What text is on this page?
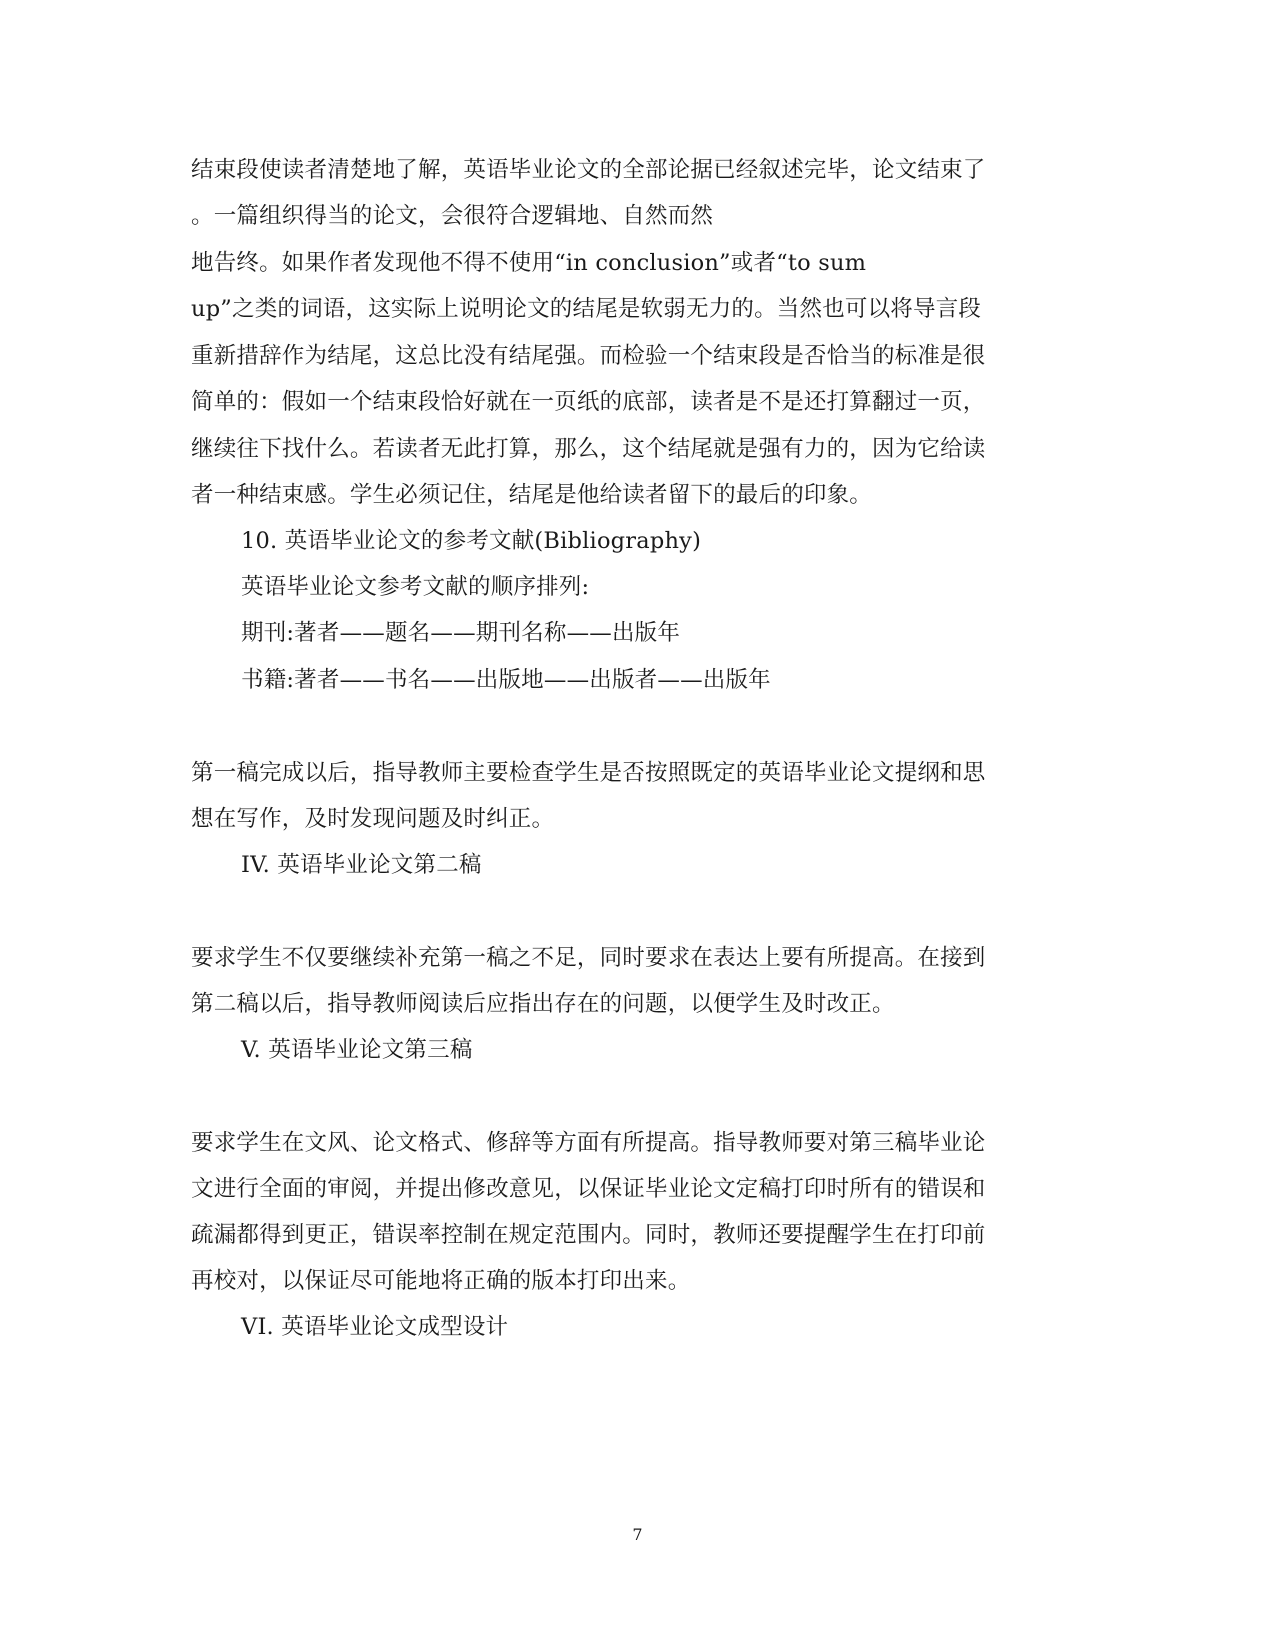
结束段使读者清楚地了解，英语毕业论文的全部论据已经叙述完毕，论文结束了
。一篇组织得当的论文，会很符合逻辑地、自然而然
地告终。如果作者发现他不得不使用“in conclusion”或者“to sum
up”之类的词语，这实际上说明论文的结尾是软弱无力的。当然也可以将导言段
重新措辞作为结尾，这总比没有结尾强。而检验一个结束段是否恰当的标准是很
简单的：假如一个结束段恰好就在一页纸的底部，读者是不是还打算翻过一页，
继续往下找什么。若读者无此打算，那么，这个结尾就是强有力的，因为它给读
者一种结束感。学生必须记住，结尾是他给读者留下的最后的印象。
10. 英语毕业论文的参考文献(Bibliography)
英语毕业论文参考文献的顺序排列:
期刊:著者——题名——期刊名称——出版年
书籍:著者——书名——出版地——出版者——出版年
第一稿完成以后，指导教师主要检查学生是否按照既定的英语毕业论文提纲和思
想在写作，及时发现问题及时纠正。
IV. 英语毕业论文第二稿
要求学生不仅要继续补充第一稿之不足，同时要求在表达上要有所提高。在接到
第二稿以后，指导教师阅读后应指出存在的问题，以便学生及时改正。
V. 英语毕业论文第三稿
要求学生在文风、论文格式、修辞等方面有所提高。指导教师要对第三稿毕业论
文进行全面的审阅，并提出修改意见，以保证毕业论文定稿打印时所有的错误和
疏漏都得到更正，错误率控制在规定范围内。同时，教师还要提醒学生在打印前
再校对，以保证尽可能地将正确的版本打印出来。
VI. 英语毕业论文成型设计
7
